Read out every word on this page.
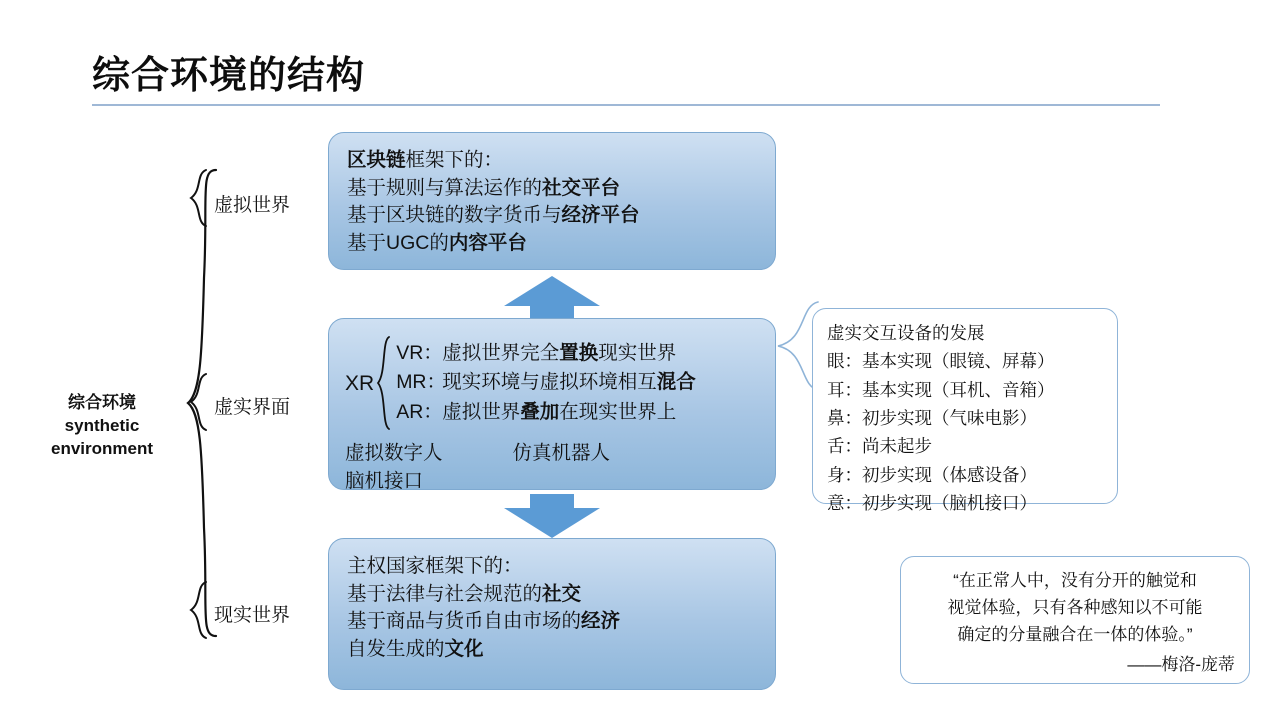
综合环境的结构
综合环境
synthetic
environment
虚拟世界
虚实界面
现实世界
区块链框架下的：
基于规则与算法运作的社交平台
基于区块链的数字货币与经济平台
基于UGC的内容平台
XR
VR：虚拟世界完全置换现实世界
MR：现实环境与虚拟环境相互混合
AR：虚拟世界叠加在现实世界上
虚拟数字人	仿真机器人
脑机接口
主权国家框架下的：
基于法律与社会规范的社交
基于商品与货币自由市场的经济
自发生成的文化
虚实交互设备的发展
眼：基本实现（眼镜、屏幕）
耳：基本实现（耳机、音箱）
鼻：初步实现（气味电影）
舌：尚未起步
身：初步实现（体感设备）
意：初步实现（脑机接口）
“在正常人中，没有分开的触觉和
视觉体验，只有各种感知以不可能
确定的分量融合在一体的体验。”
——梅洛-庞蒂
